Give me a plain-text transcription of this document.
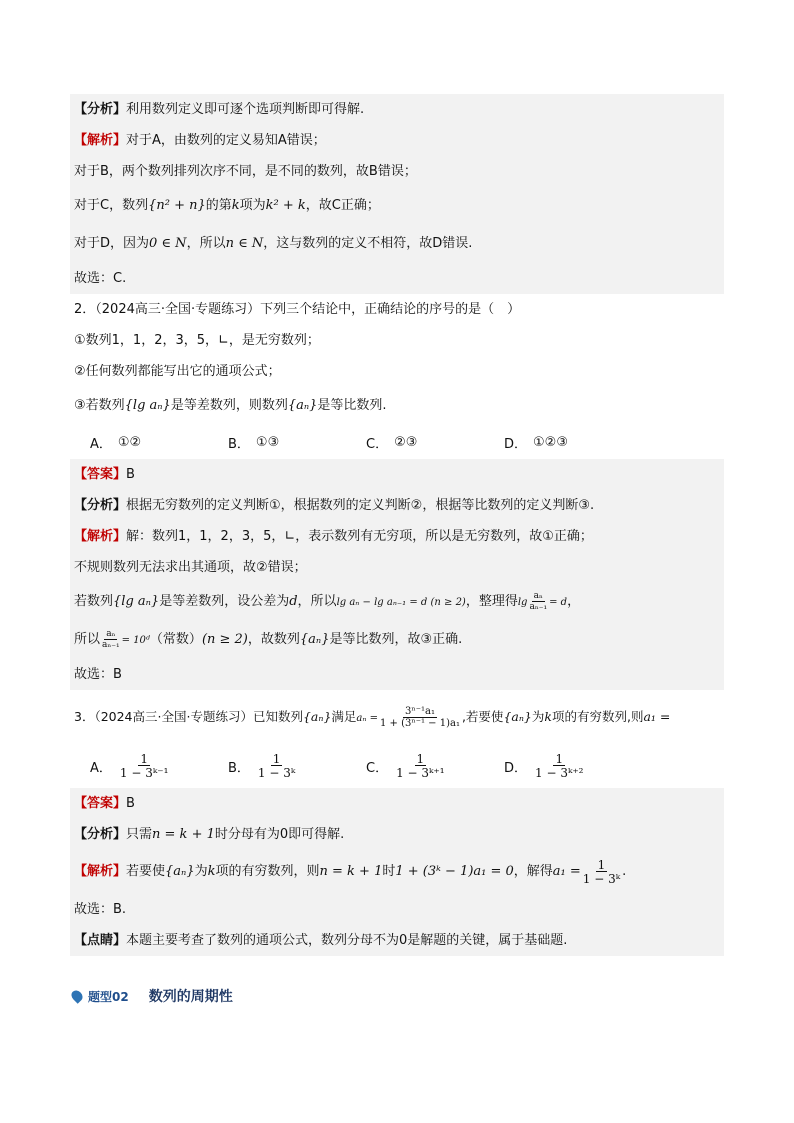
【分析】利用数列定义即可逐个选项判断即可得解.
【解析】对于A，由数列的定义易知A错误；
对于B，两个数列排列次序不同，是不同的数列，故B错误；
对于C，数列{n² + n}的第k项为k² + k，故C正确；
对于D，因为0 ∈ N，所以n ∈ N，这与数列的定义不相符，故D错误.
故选：C.
2．（2024高三·全国·专题练习）下列三个结论中，正确结论的序号的是（　）
①数列1，1，2，3，5，∟，是无穷数列；
②任何数列都能写出它的通项公式；
③若数列{lg aₙ}是等差数列，则数列{aₙ}是等比数列.
A． ①②	B． ①③	C． ②③	D． ①②③
【答案】B
【分析】根据无穷数列的定义判断①，根据数列的定义判断②，根据等比数列的定义判断③.
【解析】解：数列1，1，2，3，5，∟，表示数列有无穷项，所以是无穷数列，故①正确；
不规则数列无法求出其通项，故②错误；
若数列{lg aₙ}是等差数列，设公差为d，所以lg aₙ − lg aₙ₋₁ = d (n ≥ 2)，整理得$\lg \frac{\text{aₙ}}{\text{aₙ₋₁}} = d$，
所以 $\frac{\text{aₙ}}{\text{aₙ₋₁}}$ = 10ᵈ（常数）(n ≥ 2)，故数列{aₙ}是等比数列，故③正确.
故选：B
3．（2024高三·全国·专题练习）已知数列{aₙ}满足$a_n = \frac{\text{3ⁿ⁻¹a₁}}{\text{1 + (3ⁿ⁻¹ − 1)a₁}}$ ,若要使{aₙ}为k项的有穷数列,则a₁ =
A． $\frac{1}{\text{1 − 3ᵏ⁻¹}}$	B． $\frac{1}{\text{1 − 3ᵏ}}$	C． $\frac{1}{\text{1 − 3ᵏ⁺¹}}$	D． $\frac{1}{\text{1 − 3ᵏ⁺²}}$
【答案】B
【分析】只需n = k + 1时分母有为0即可得解.
【解析】若要使{aₙ}为k项的有穷数列，则n = k + 1时1 + (3ᵏ − 1)a₁ = 0，解得$a_1 = \frac{1}{\text{1 − 3ᵏ}}$ .
故选：B.
【点睛】本题主要考查了数列的通项公式，数列分母不为0是解题的关键，属于基础题.
题型02 数列的周期性
